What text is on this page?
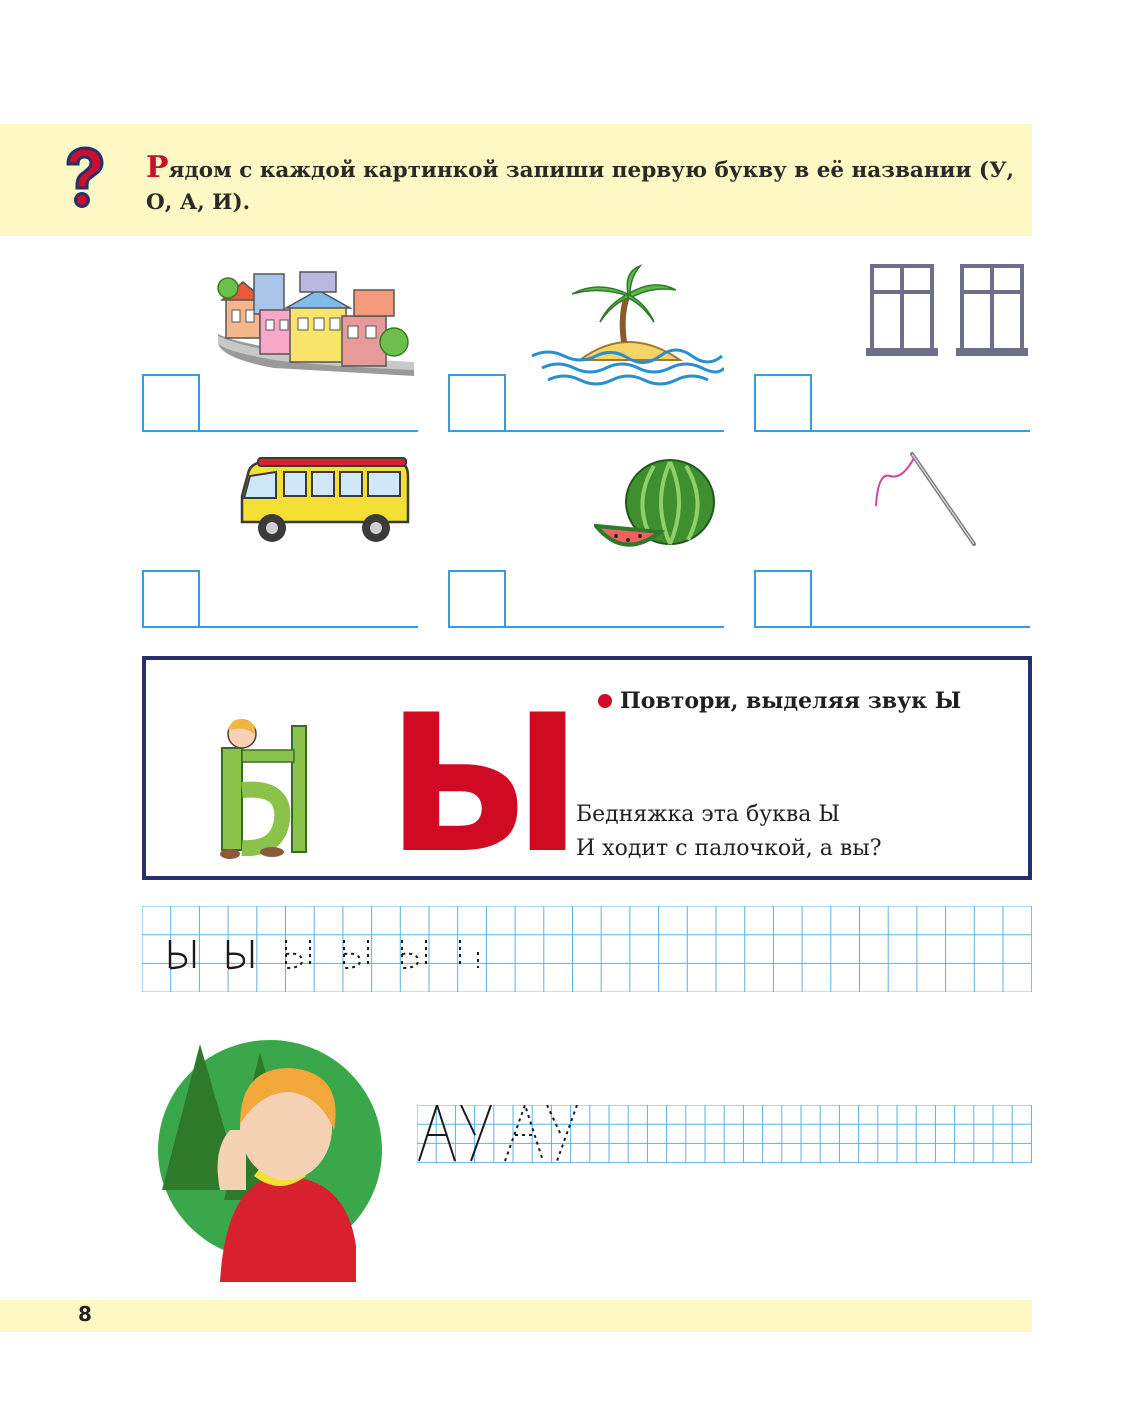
Рядом с каждой картинкой запиши первую букву в её названии (У, О, А, И).
Ы Повтори, выделяя звук Ы
Бедняжка эта буква Ы
И ходит с палочкой, а вы?
8
